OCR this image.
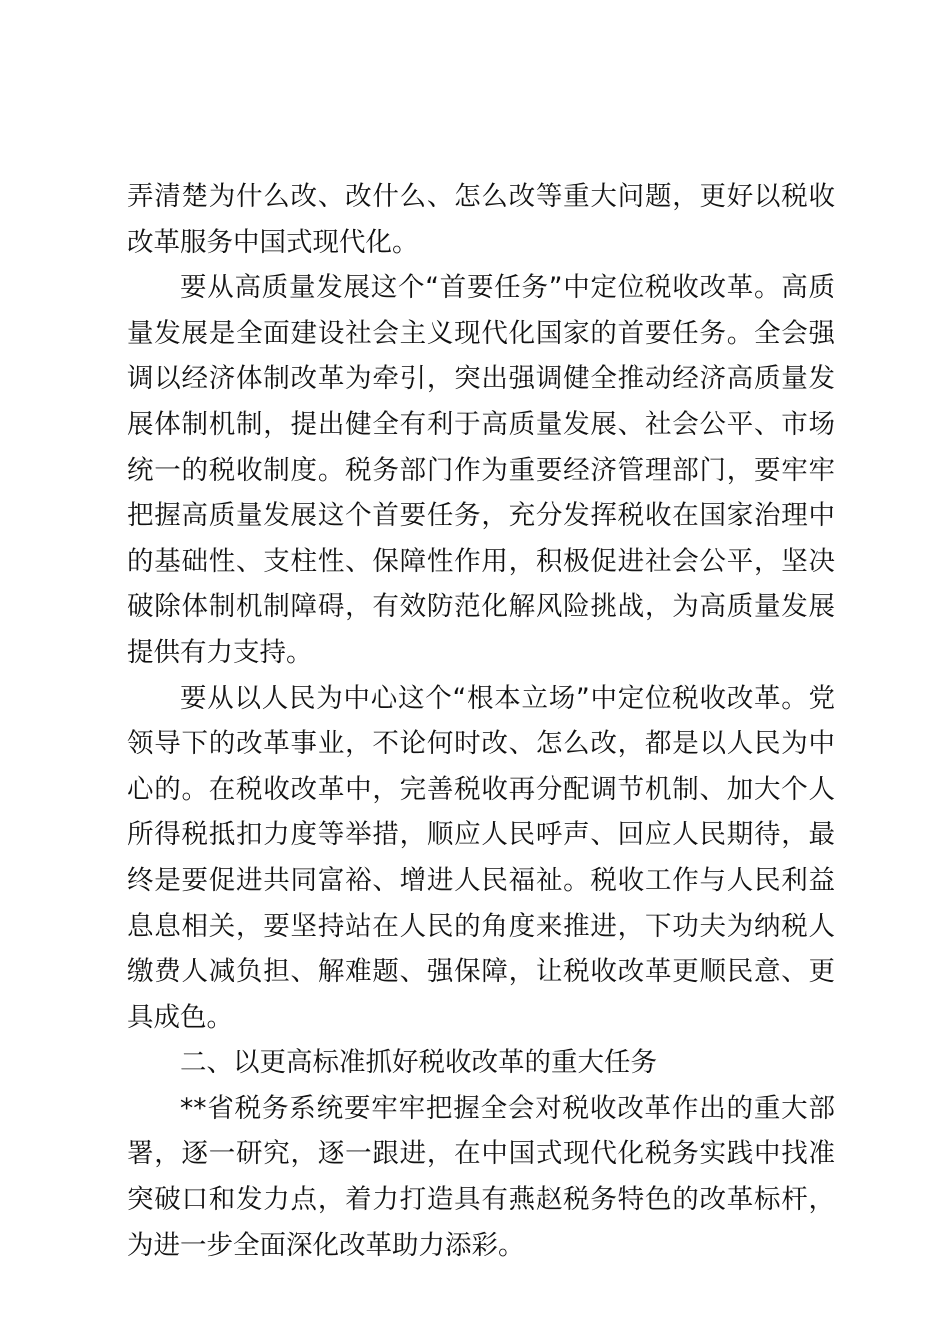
弄清楚为什么改、改什么、怎么改等重大问题，更好以税收改革服务中国式现代化。

要从高质量发展这个“首要任务”中定位税收改革。高质量发展是全面建设社会主义现代化国家的首要任务。全会强调以经济体制改革为牵引，突出强调健全推动经济高质量发展体制机制，提出健全有利于高质量发展、社会公平、市场统一的税收制度。税务部门作为重要经济管理部门，要牢牢把握高质量发展这个首要任务，充分发挥税收在国家治理中的基础性、支柱性、保障性作用，积极促进社会公平，坚决破除体制机制障碍，有效防范化解风险挑战，为高质量发展提供有力支持。

要从以人民为中心这个“根本立场”中定位税收改革。党领导下的改革事业，不论何时改、怎么改，都是以人民为中心的。在税收改革中，完善税收再分配调节机制、加大个人所得税抵扣力度等举措，顺应人民呼声、回应人民期待，最终是要促进共同富裕、增进人民福祉。税收工作与人民利益息息相关，要坚持站在人民的角度来推进，下功夫为纳税人缴费人减负担、解难题、强保障，让税收改革更顺民意、更具成色。

二、以更高标准抓好税收改革的重大任务

**省税务系统要牢牢把握全会对税收改革作出的重大部署，逐一研究，逐一跟进，在中国式现代化税务实践中找准突破口和发力点，着力打造具有燕赵税务特色的改革标杆，为进一步全面深化改革助力添彩。
